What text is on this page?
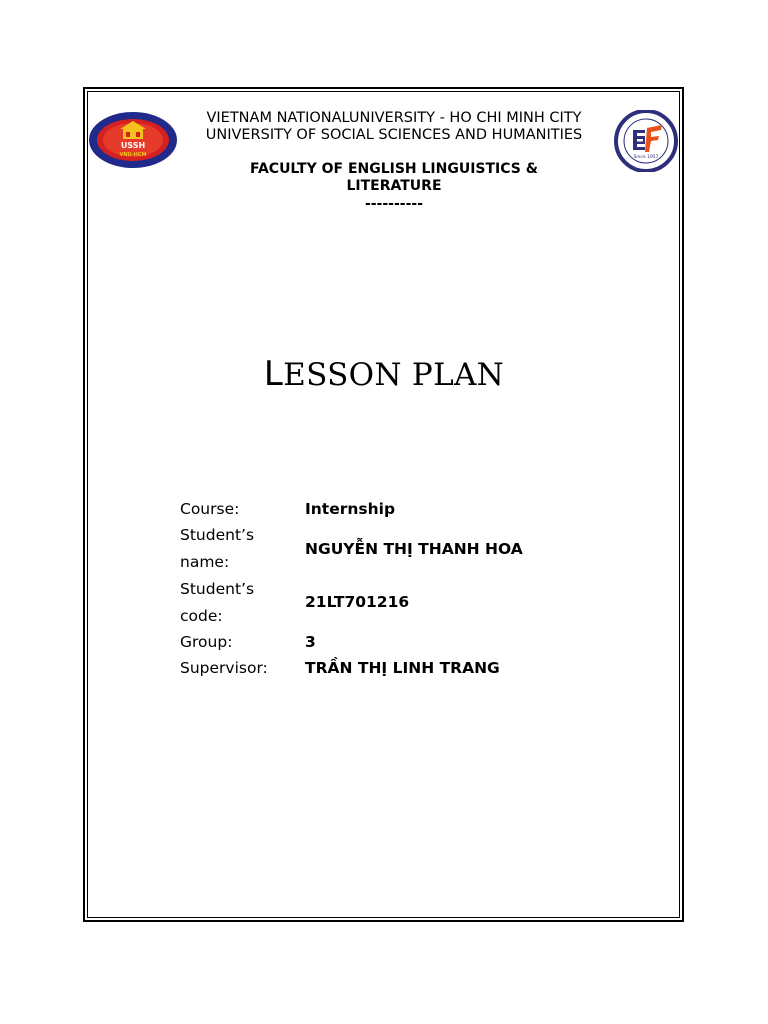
USSH
VNU-HCM	Since 1957
VIETNAM NATIONALUNIVERSITY - HO CHI MINH CITY
UNIVERSITY OF SOCIAL SCIENCES AND HUMANITIES
FACULTY OF ENGLISH LINGUISTICS &
LITERATURE
----------
LESSON PLAN
Course:	Internship
Student’s
name:
NGUYỄN THỊ THANH HOA
Student’s
code:
21LT701216
Group:	3
Supervisor:	TRẦN THỊ LINH TRANG
